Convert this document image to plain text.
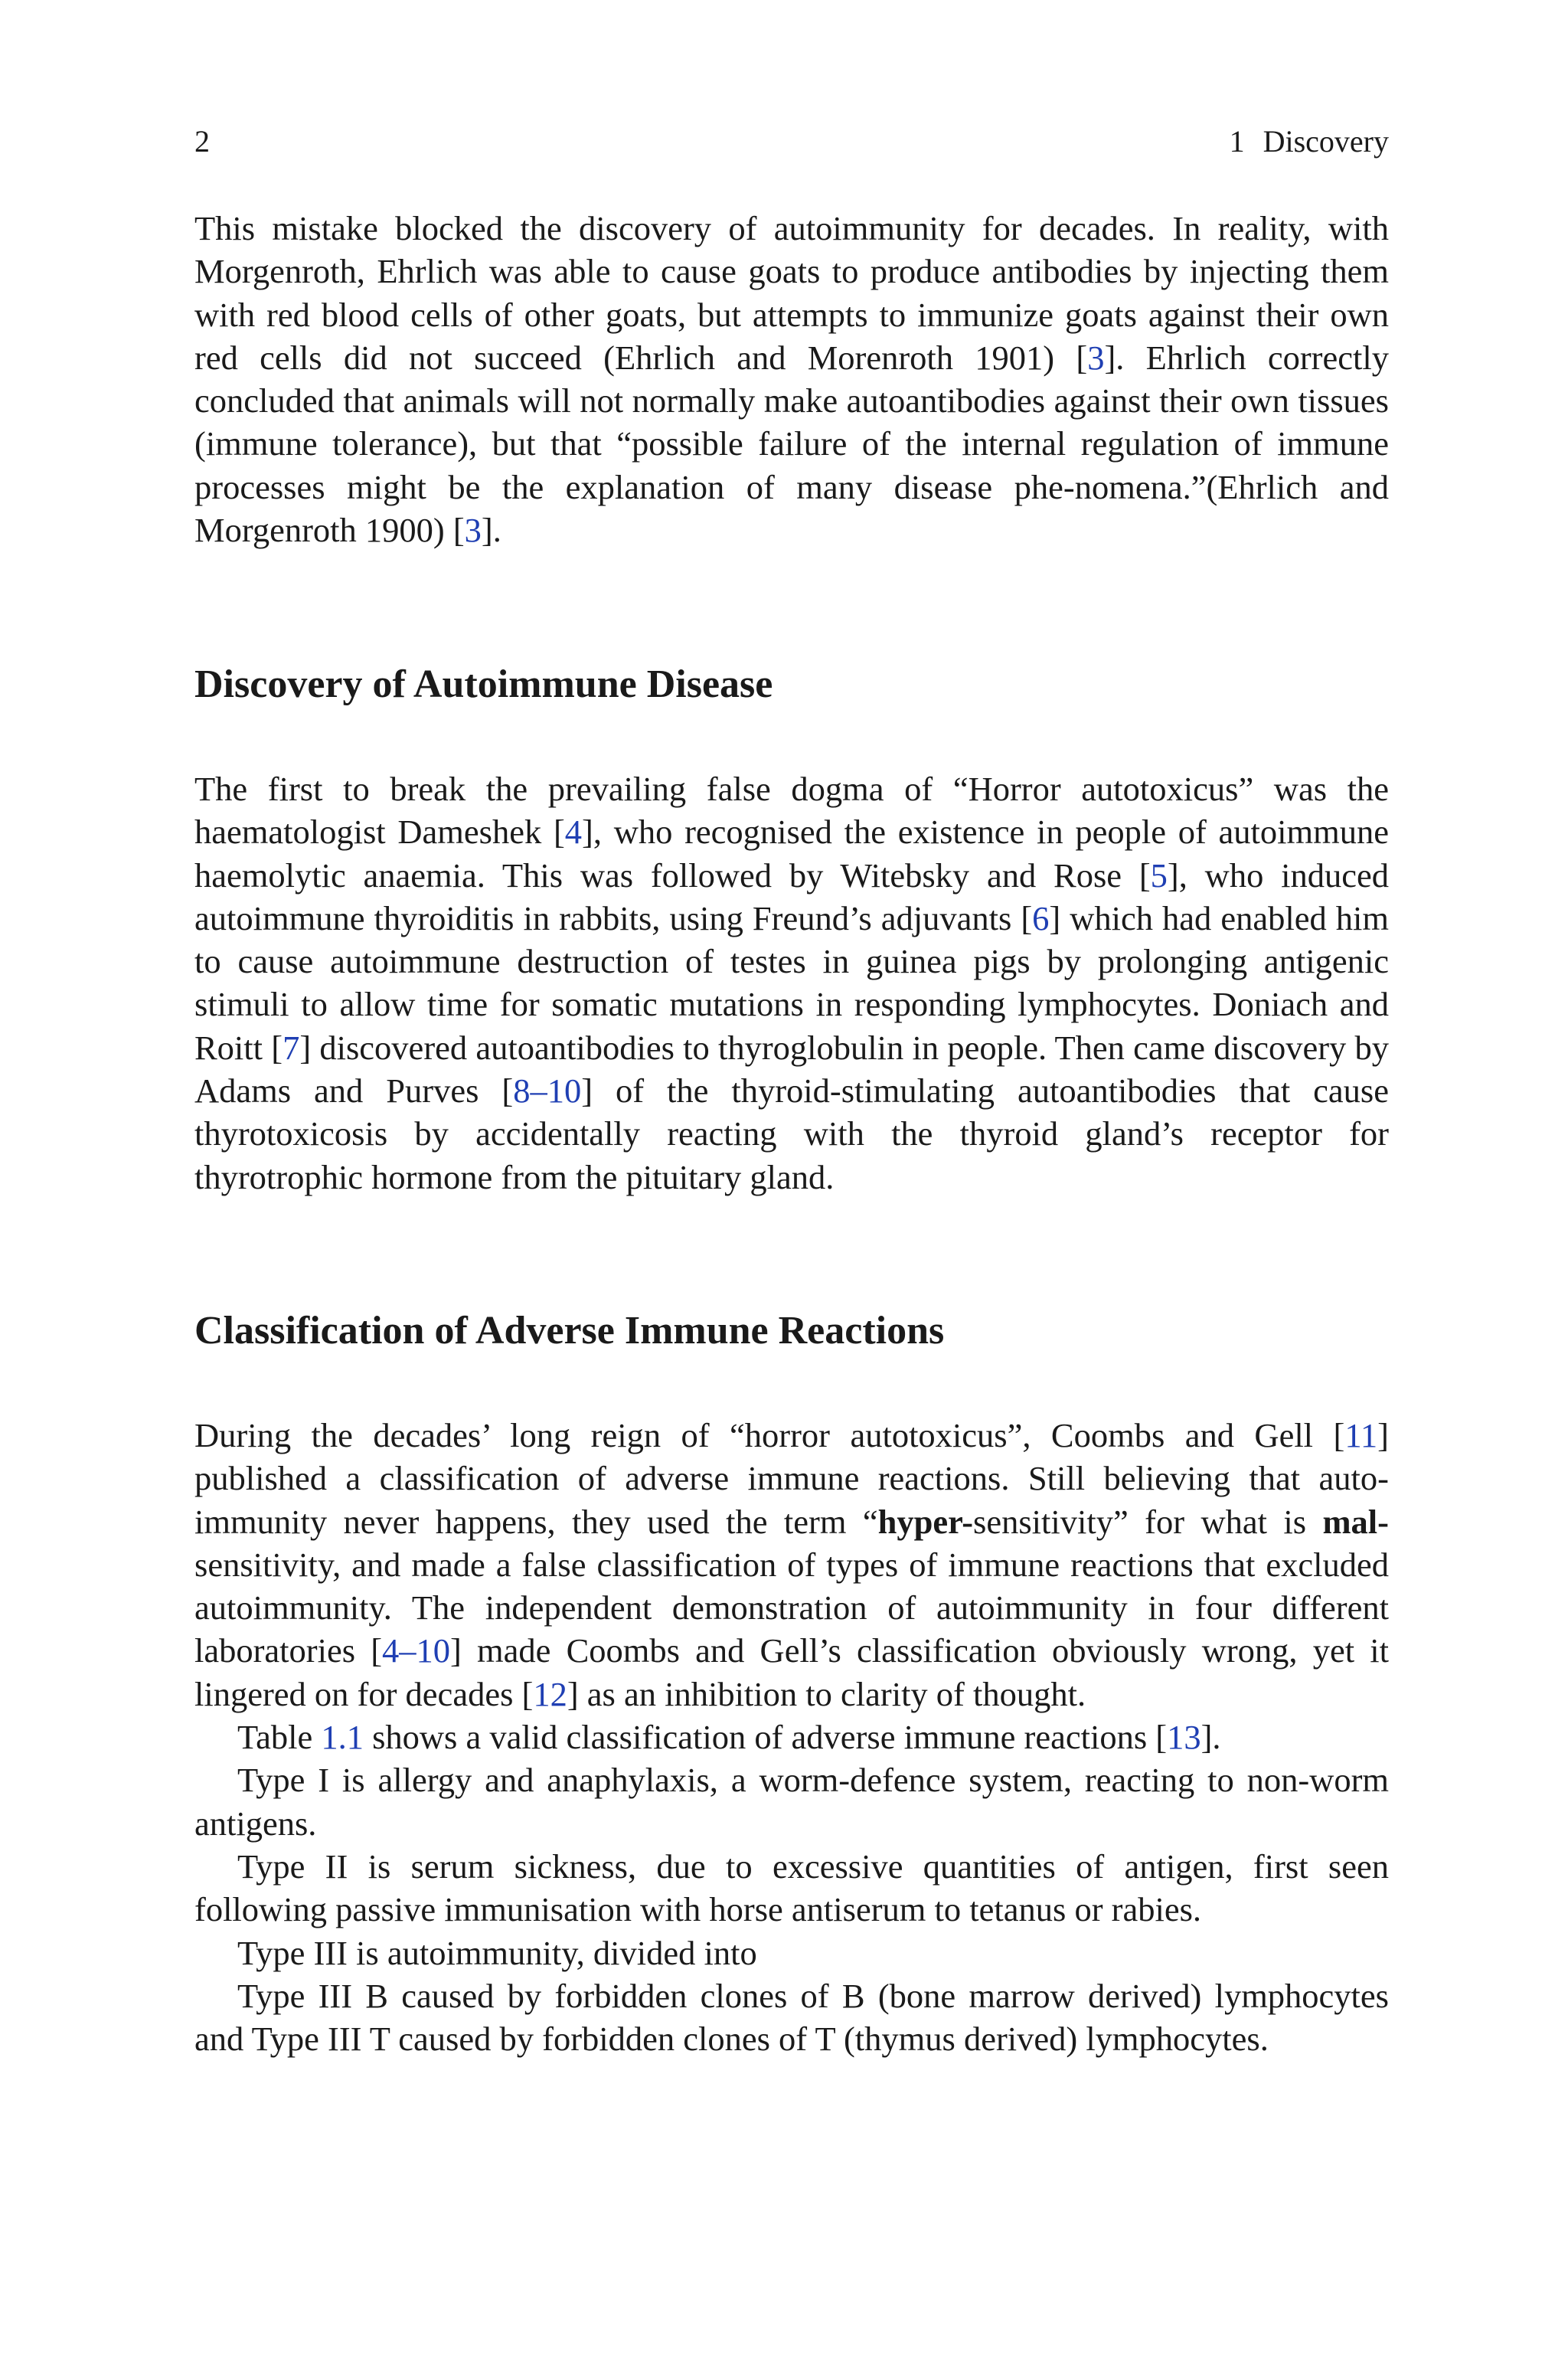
2	1 Discovery

This mistake blocked the discovery of autoimmunity for decades. In reality, with Morgenroth, Ehrlich was able to cause goats to produce antibodies by injecting them with red blood cells of other goats, but attempts to immunize goats against their own red cells did not succeed (Ehrlich and Morenroth 1901) [3]. Ehrlich correctly concluded that animals will not normally make autoantibodies against their own tissues (immune tolerance), but that “possible failure of the internal regulation of immune processes might be the explanation of many disease phe-nomena.”(Ehrlich and Morgenroth 1900) [3].

Discovery of Autoimmune Disease

The first to break the prevailing false dogma of “Horror autotoxicus” was the haematologist Dameshek [4], who recognised the existence in people of autoimmune haemolytic anaemia. This was followed by Witebsky and Rose [5], who induced autoimmune thyroiditis in rabbits, using Freund’s adjuvants [6] which had enabled him to cause autoimmune destruction of testes in guinea pigs by prolonging antigenic stimuli to allow time for somatic mutations in responding lymphocytes. Doniach and Roitt [7] discovered autoantibodies to thyroglobulin in people. Then came discovery by Adams and Purves [8–10] of the thyroid-stimulating autoantibodies that cause thyrotoxicosis by accidentally reacting with the thyroid gland’s receptor for thyrotrophic hormone from the pituitary gland.

Classification of Adverse Immune Reactions

During the decades’ long reign of “horror autotoxicus”, Coombs and Gell [11] published a classification of adverse immune reactions. Still believing that autoimmunity never happens, they used the term “hyper-sensitivity” for what is mal-sensitivity, and made a false classification of types of immune reactions that excluded autoimmunity. The independent demonstration of autoimmunity in four different laboratories [4–10] made Coombs and Gell’s classification obviously wrong, yet it lingered on for decades [12] as an inhibition to clarity of thought.

Table 1.1 shows a valid classification of adverse immune reactions [13].

Type I is allergy and anaphylaxis, a worm-defence system, reacting to non-worm antigens.

Type II is serum sickness, due to excessive quantities of antigen, first seen following passive immunisation with horse antiserum to tetanus or rabies.

Type III is autoimmunity, divided into

Type III B caused by forbidden clones of B (bone marrow derived) lymphocytes and Type III T caused by forbidden clones of T (thymus derived) lymphocytes.
